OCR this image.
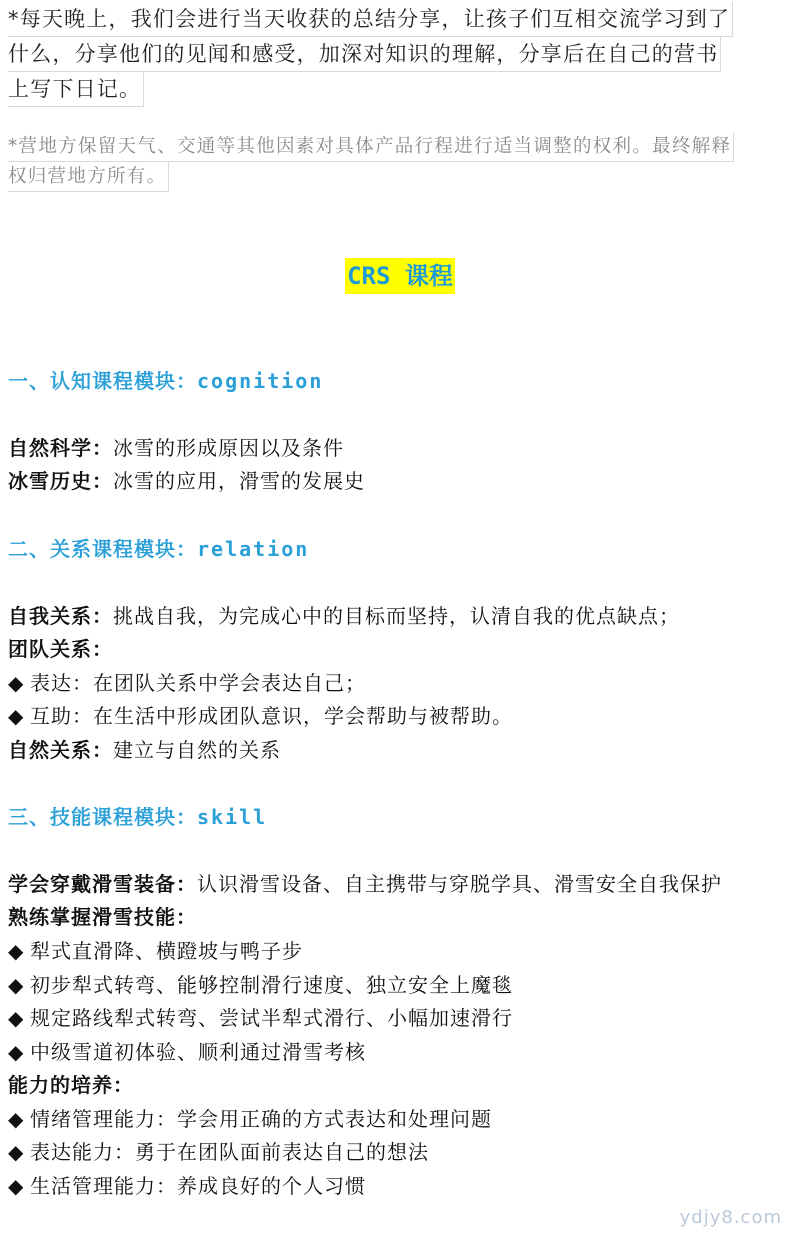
*每天晚上，我们会进行当天收获的总结分享，让孩子们互相交流学习到了
什么，分享他们的见闻和感受，加深对知识的理解，分享后在自己的营书
上写下日记。
*营地方保留天气、交通等其他因素对具体产品行程进行适当调整的权利。最终解释
权归营地方所有。
CRS 课程
一、认知课程模块：cognition
自然科学：冰雪的形成原因以及条件
冰雪历史：冰雪的应用，滑雪的发展史
二、关系课程模块：relation
自我关系：挑战自我，为完成心中的目标而坚持，认清自我的优点缺点；
团队关系：
◆ 表达：在团队关系中学会表达自己；
◆ 互助：在生活中形成团队意识，学会帮助与被帮助。
自然关系：建立与自然的关系
三、技能课程模块：skill
学会穿戴滑雪装备：认识滑雪设备、自主携带与穿脱学具、滑雪安全自我保护
熟练掌握滑雪技能：
◆ 犁式直滑降、横蹬坡与鸭子步
◆ 初步犁式转弯、能够控制滑行速度、独立安全上魔毯
◆ 规定路线犁式转弯、尝试半犁式滑行、小幅加速滑行
◆ 中级雪道初体验、顺利通过滑雪考核
能力的培养：
◆ 情绪管理能力：学会用正确的方式表达和处理问题
◆ 表达能力：勇于在团队面前表达自己的想法
◆ 生活管理能力：养成良好的个人习惯
ydjy8.com
